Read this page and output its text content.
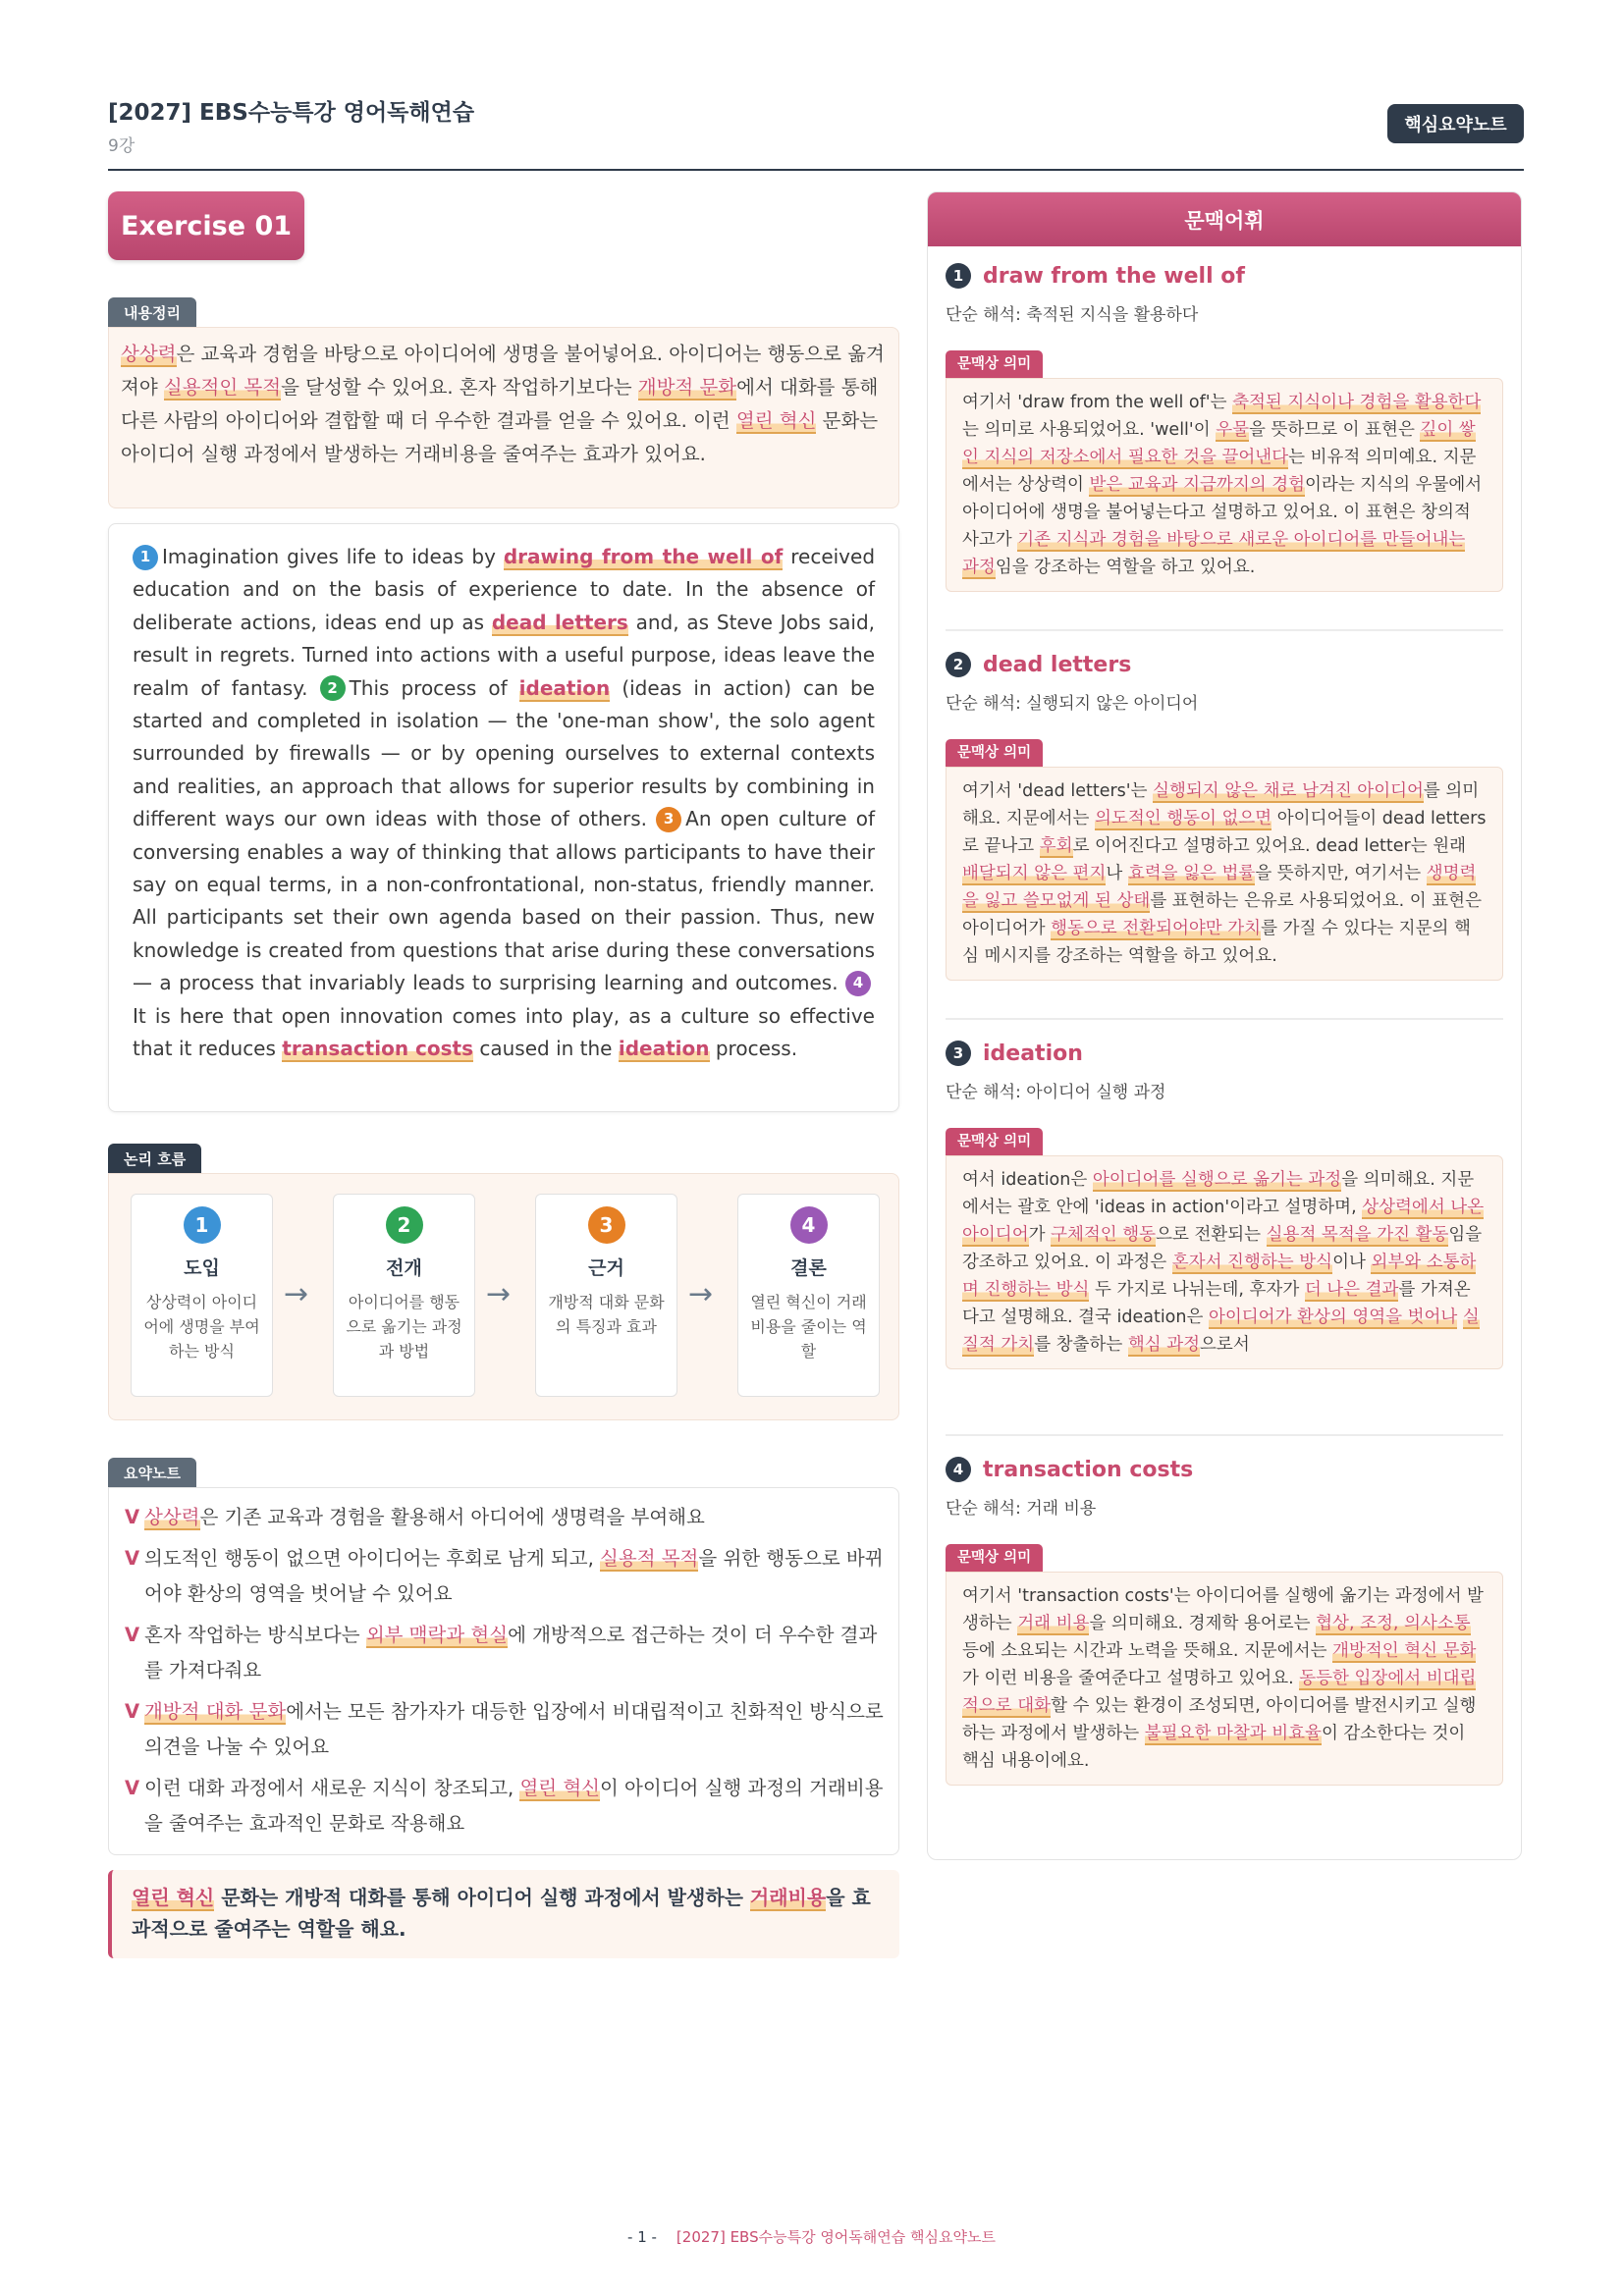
[2027] EBS수능특강 영어독해연습
9강
핵심요약노트
Exercise 01
내용정리
상상력은 교육과 경험을 바탕으로 아이디어에 생명을 불어넣어요. 아이디어는 행동으로 옮겨져야 실용적인 목적을 달성할 수 있어요. 혼자 작업하기보다는 개방적 문화에서 대화를 통해 다른 사람의 아이디어와 결합할 때 더 우수한 결과를 얻을 수 있어요. 이런 열린 혁신 문화는 아이디어 실행 과정에서 발생하는 거래비용을 줄여주는 효과가 있어요.
1 Imagination gives life to ideas by drawing from the well of received education and on the basis of experience to date. In the absence of deliberate actions, ideas end up as dead letters and, as Steve Jobs said, result in regrets. Turned into actions with a useful purpose, ideas leave the realm of fantasy. 2 This process of ideation (ideas in action) can be started and completed in isolation — the 'one-man show', the solo agent surrounded by firewalls — or by opening ourselves to external contexts and realities, an approach that allows for superior results by combining in different ways our own ideas with those of others. 3 An open culture of conversing enables a way of thinking that allows participants to have their say on equal terms, in a non-confrontational, non-status, friendly manner. All participants set their own agenda based on their passion. Thus, new knowledge is created from questions that arise during these conversations — a process that invariably leads to surprising learning and outcomes. 4It is here that open innovation comes into play, as a culture so effective that it reduces transaction costs caused in the ideation process.
논리 흐름
1
도입
상상력이 아이디어에 생명을 부여하는 방식
→
2
전개
아이디어를 행동으로 옮기는 과정과 방법
→
3
근거
개방적 대화 문화의 특징과 효과
→
4
결론
열린 혁신이 거래비용을 줄이는 역할
요약노트
V 상상력은 기존 교육과 경험을 활용해서 아디어에 생명력을 부여해요
V 의도적인 행동이 없으면 아이디어는 후회로 남게 되고, 실용적 목적을 위한 행동으로 바뀌어야 환상의 영역을 벗어날 수 있어요
V 혼자 작업하는 방식보다는 외부 맥락과 현실에 개방적으로 접근하는 것이 더 우수한 결과를 가져다줘요
V 개방적 대화 문화에서는 모든 참가자가 대등한 입장에서 비대립적이고 친화적인 방식으로 의견을 나눌 수 있어요
V 이런 대화 과정에서 새로운 지식이 창조되고, 열린 혁신이 아이디어 실행 과정의 거래비용을 줄여주는 효과적인 문화로 작용해요
열린 혁신 문화는 개방적 대화를 통해 아이디어 실행 과정에서 발생하는 거래비용을 효과적으로 줄여주는 역할을 해요.
문맥어휘
1 draw from the well of
단순 해석: 축적된 지식을 활용하다
문맥상 의미
여기서 'draw from the well of'는 축적된 지식이나 경험을 활용한다는 의미로 사용되었어요. 'well'이 우물을 뜻하므로 이 표현은 깊이 쌓인 지식의 저장소에서 필요한 것을 끌어낸다는 비유적 의미예요. 지문에서는 상상력이 받은 교육과 지금까지의 경험이라는 지식의 우물에서 아이디어에 생명을 불어넣는다고 설명하고 있어요. 이 표현은 창의적 사고가 기존 지식과 경험을 바탕으로 새로운 아이디어를 만들어내는 과정임을 강조하는 역할을 하고 있어요.
2 dead letters
단순 해석: 실행되지 않은 아이디어
문맥상 의미
여기서 'dead letters'는 실행되지 않은 채로 남겨진 아이디어를 의미해요. 지문에서는 의도적인 행동이 없으면 아이디어들이 dead letters로 끝나고 후회로 이어진다고 설명하고 있어요. dead letter는 원래 배달되지 않은 편지나 효력을 잃은 법률을 뜻하지만, 여기서는 생명력을 잃고 쓸모없게 된 상태를 표현하는 은유로 사용되었어요. 이 표현은 아이디어가 행동으로 전환되어야만 가치를 가질 수 있다는 지문의 핵심 메시지를 강조하는 역할을 하고 있어요.
3 ideation
단순 해석: 아이디어 실행 과정
문맥상 의미
여서 ideation은 아이디어를 실행으로 옮기는 과정을 의미해요. 지문에서는 괄호 안에 'ideas in action'이라고 설명하며, 상상력에서 나온 아이디어가 구체적인 행동으로 전환되는 실용적 목적을 가진 활동임을 강조하고 있어요. 이 과정은 혼자서 진행하는 방식이나 외부와 소통하며 진행하는 방식 두 가지로 나뉘는데, 후자가 더 나은 결과를 가져온다고 설명해요. 결국 ideation은 아이디어가 환상의 영역을 벗어나 실질적 가치를 창출하는 핵심 과정으로서
4 transaction costs
단순 해석: 거래 비용
문맥상 의미
여기서 'transaction costs'는 아이디어를 실행에 옮기는 과정에서 발생하는 거래 비용을 의미해요. 경제학 용어로는 협상, 조정, 의사소통 등에 소요되는 시간과 노력을 뜻해요. 지문에서는 개방적인 혁신 문화가 이런 비용을 줄여준다고 설명하고 있어요. 동등한 입장에서 비대립적으로 대화할 수 있는 환경이 조성되면, 아이디어를 발전시키고 실행하는 과정에서 발생하는 불필요한 마찰과 비효율이 감소한다는 것이 핵심 내용이에요.
- 1 - [2027] EBS수능특강 영어독해연습 핵심요약노트
